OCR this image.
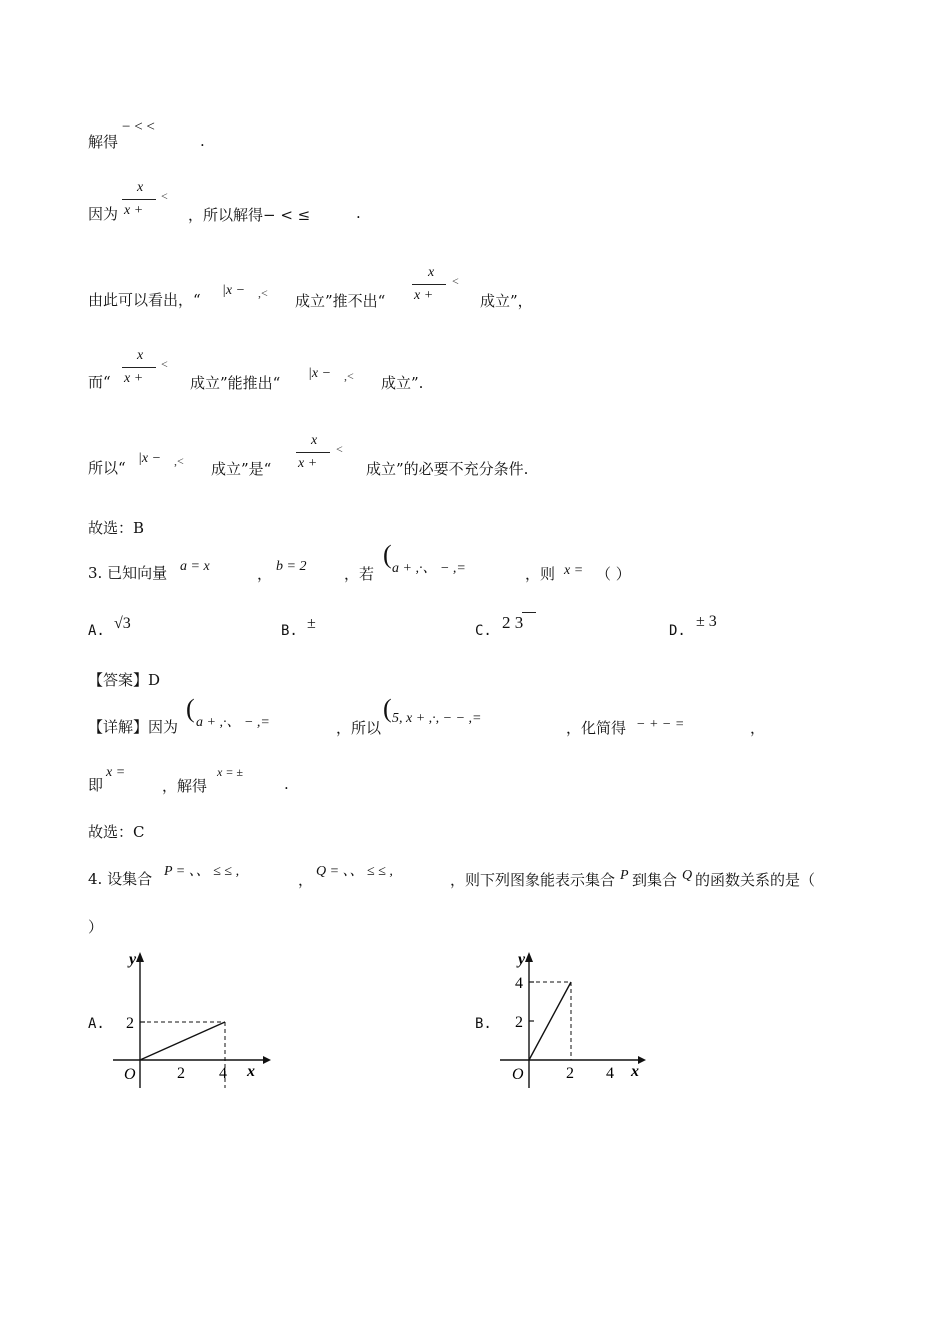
解得
− < <
.
因为
x
x +
<
，所以解得− < ≤	.
由此可以看出，“
|x − ,< 成立”推不出“
x
x +
<
成立”，
而“
x
x +
<
成立”能推出“
|x − ,< 成立”.
所以“
|x − ,< 成立”是“
x
x +
<
成立”的必要不充分条件.
故选：B
3. 已知向量 a = x	， b = 2	，若
( a + ,·、 − ,=	，则 x = （ ）
A. √3	B. ±	C. 2 3	D.
± 3
【答案】D
【详解】因为
( a + ,·、 − ,=	，所以
( 5, x + ,·, − − ,=
，化简得 − + − =	，
即
x =
，解得
x = ±
.
故选：C
4. 设集合 P = 、、 ≤ ≤ ,	， Q = 、、 ≤ ≤ ,	，则下列图象能表示集合 P 到集合 Q 的函数关系的是（
）
A. 2
2 4
O
y
x
B.
4
2
2 4
O
y
x
